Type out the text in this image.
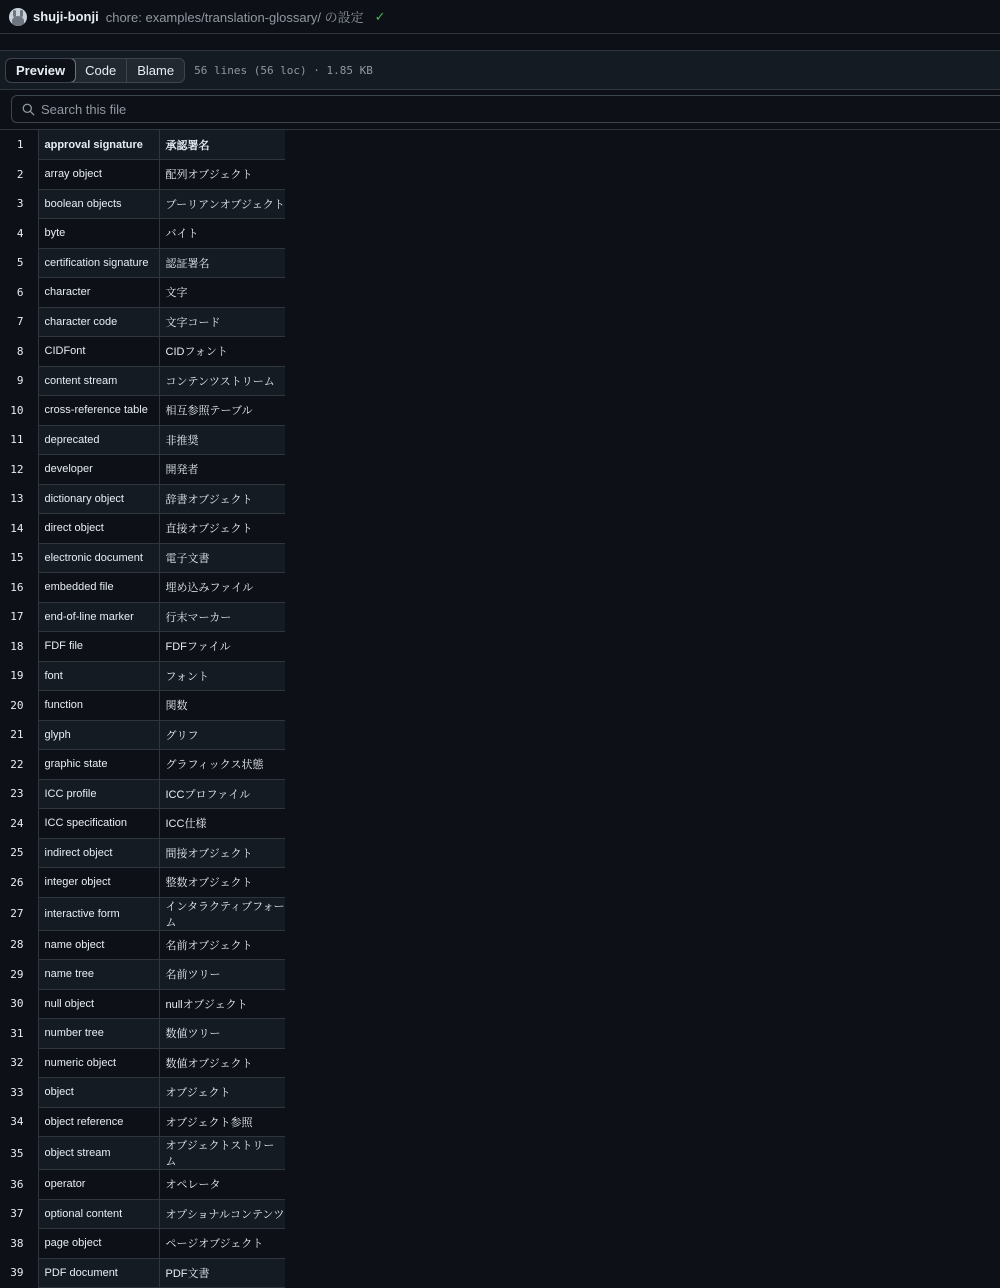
shuji-bonji chore: examples/translation-glossary/ の設定 ✓
Preview	Code	Blame	56 lines (56 loc) · 1.85 KB
Search this file
1	approval signature	承認署名
2	array object	配列オブジェクト
3	boolean objects	ブーリアンオブジェクト
4	byte	バイト
5	certification signature	認証署名
6	character	文字
7	character code	文字コード
8	CIDFont	CIDフォント
9	content stream	コンテンツストリーム
10	cross-reference table	相互参照テーブル
11	deprecated	非推奨
12	developer	開発者
13	dictionary object	辞書オブジェクト
14	direct object	直接オブジェクト
15	electronic document	電子文書
16	embedded file	埋め込みファイル
17	end-of-line marker	行末マーカー
18	FDF file	FDFファイル
19	font	フォント
20	function	関数
21	glyph	グリフ
22	graphic state	グラフィックス状態
23	ICC profile	ICCプロファイル
24	ICC specification	ICC仕様
25	indirect object	間接オブジェクト
26	integer object	整数オブジェクト
27	interactive form	インタラクティブフォーム
28	name object	名前オブジェクト
29	name tree	名前ツリー
30	null object	nullオブジェクト
31	number tree	数値ツリー
32	numeric object	数値オブジェクト
33	object	オブジェクト
34	object reference	オブジェクト参照
35	object stream	オブジェクトストリーム
36	operator	オペレータ
37	optional content	オプショナルコンテンツ
38	page object	ページオブジェクト
39	PDF document	PDF文書
